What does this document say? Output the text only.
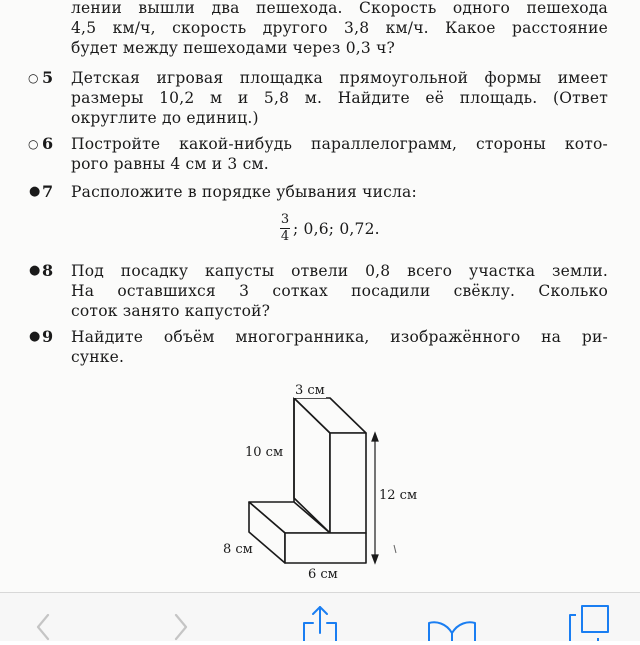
лении вышли два пешехода. Скорость одного пешехода
4,5 км/ч, скорость другого 3,8 км/ч. Какое расстояние
будет между пешеходами через 0,3 ч?
○ 5 Детская игровая площадка прямоугольной формы имеет
размеры 10,2 м и 5,8 м. Найдите её площадь. (Ответ
округлите до единиц.)
○ 6 Постройте какой-нибудь параллелограмм, стороны кото-
рого равны 4 см и 3 см.
● 7 Расположите в порядке убывания числа:
3
4 ; 0,6; 0,72.
● 8 Под посадку капусты отвели 0,8 всего участка земли.
На оставшихся 3 сотках посадили свёклу. Сколько
соток занято капустой?
● 9 Найдите объём многогранника, изображённого на ри-
сунке.
3 см
10 см
12 см
8 см
6 см
